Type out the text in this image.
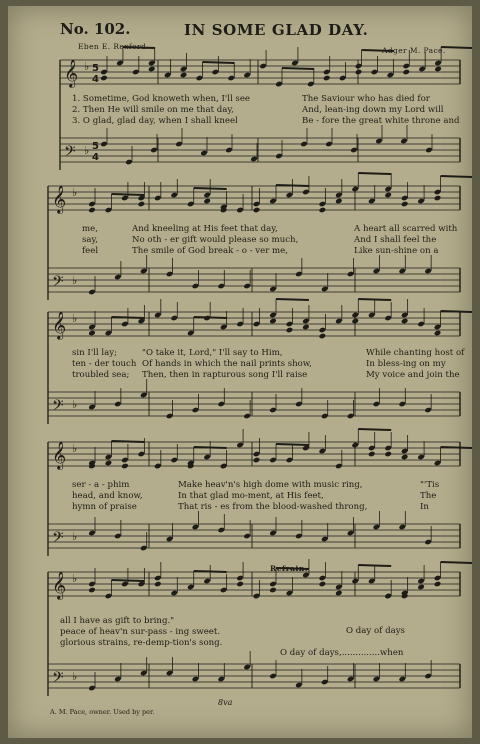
𝄞 ♭ 5
4
𝄢 ♭ 5
4
𝄞 ♭
𝄢 ♭
𝄞 ♭
𝄢 ♭
𝄞 ♭
𝄢 ♭
𝄞 ♭
𝄢 ♭
No. 102.	IN SOME GLAD DAY.
Eben E. Rexford.	Adger M. Pace.
1. Sometime, God knoweth when, I'll see
2. Then He will smile on me that day,
3. O glad, glad day, when I shall kneel
The Saviour who has died for
And, lean-ing down my Lord will
Be - fore the great white throne and
me,
say,
feel
And kneeling at His feet that day,
No oth - er gift would please so much,
The smile of God break - o - ver me,
A heart all scarred with
And I shall feel the
Like sun-shine on a
sin I'll lay;
ten - der touch
troubled sea;
"O take it, Lord," I'll say to Him,
Of hands in which the nail prints show,
Then, then in rapturous song I'll raise
While chanting host of
In bless-ing on my
My voice and join the
ser - a - phim
head, and know,
hymn of praise
Make heav'n's high dome with music ring,
In that glad mo-ment, at His feet,
That ris - es from the blood-washed throng,
"'Tis
The
In
Refrain.
all I have as gift to bring."
peace of heav'n sur-pass - ing sweet.
glorious strains, re-demp-tion's song.
O day of days
O day of days,..............when
8va
A. M. Pace, owner. Used by per.
